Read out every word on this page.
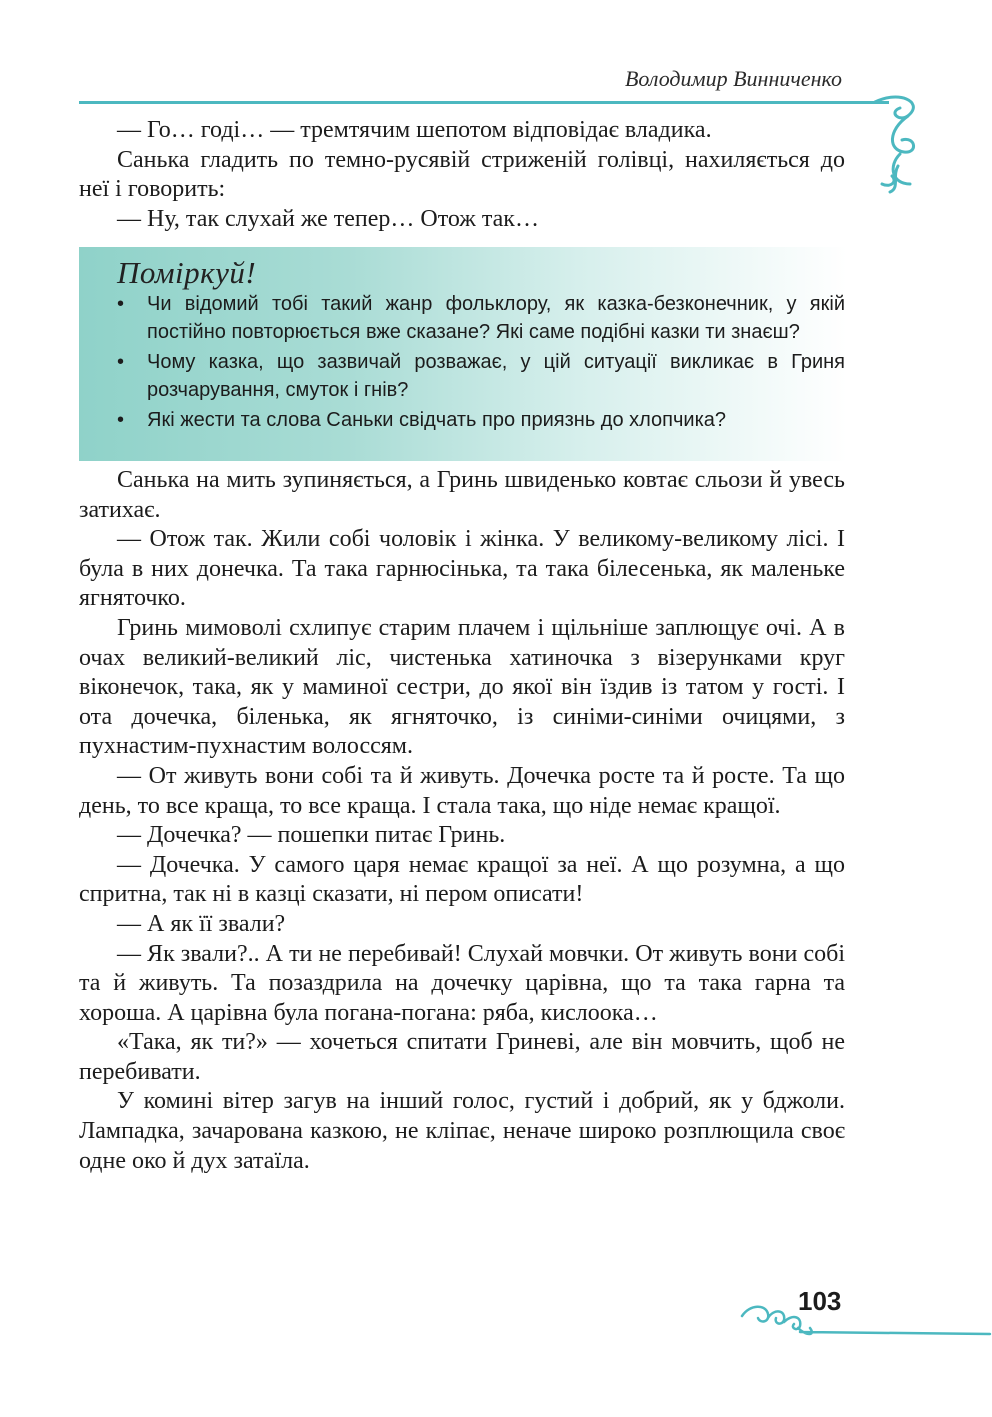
Володимир Винниченко

— Го… годі… — тремтячим шепотом відповідає владика.

Санька гладить по темно-русявій стриженій голівці, нахиляється до неї і говорить:

— Ну, так слухай же тепер… Отож так…

Поміркуй!
• Чи відомий тобі такий жанр фольклору, як казка-безконечник, у якій постійно повторюється вже сказане? Які саме подібні казки ти знаєш?
• Чому казка, що зазвичай розважає, у цій ситуації викликає в Гриня розчарування, смуток і гнів?
• Які жести та слова Саньки свідчать про приязнь до хлопчика?

Санька на мить зупиняється, а Гринь швиденько ковтає сльози й увесь затихає.

— Отож так. Жили собі чоловік і жінка. У великому-великому лісі. І була в них донечка. Та така гарнюсінька, та така білесенька, як маленьке ягняточко.

Гринь мимоволі схлипує старим плачем і щільніше заплющує очі. А в очах великий-великий ліс, чистенька хатиночка з візерунками круг віконечок, така, як у маминої сестри, до якої він їздив із татом у гості. І ота дочечка, біленька, як ягняточко, із синіми-синіми очицями, з пухнастим-пухнастим волоссям.

— От живуть вони собі та й живуть. Дочечка росте та й росте. Та що день, то все краща, то все краща. І стала така, що ніде немає кращої.

— Дочечка? — пошепки питає Гринь.

— Дочечка. У самого царя немає кращої за неї. А що розумна, а що спритна, так ні в казці сказати, ні пером описати!

— А як її звали?

— Як звали?.. А ти не перебивай! Слухай мовчки. От живуть вони собі та й живуть. Та позаздрила на дочечку царівна, що та така гарна та хороша. А царівна була погана-погана: ряба, кислоока…

«Така, як ти?» — хочеться спитати Гриневі, але він мовчить, щоб не перебивати.

У комині вітер загув на інший голос, густий і добрий, як у бджоли. Лампадка, зачарована казкою, не кліпає, неначе широко розплющила своє одне око й дух затаїла.

103
